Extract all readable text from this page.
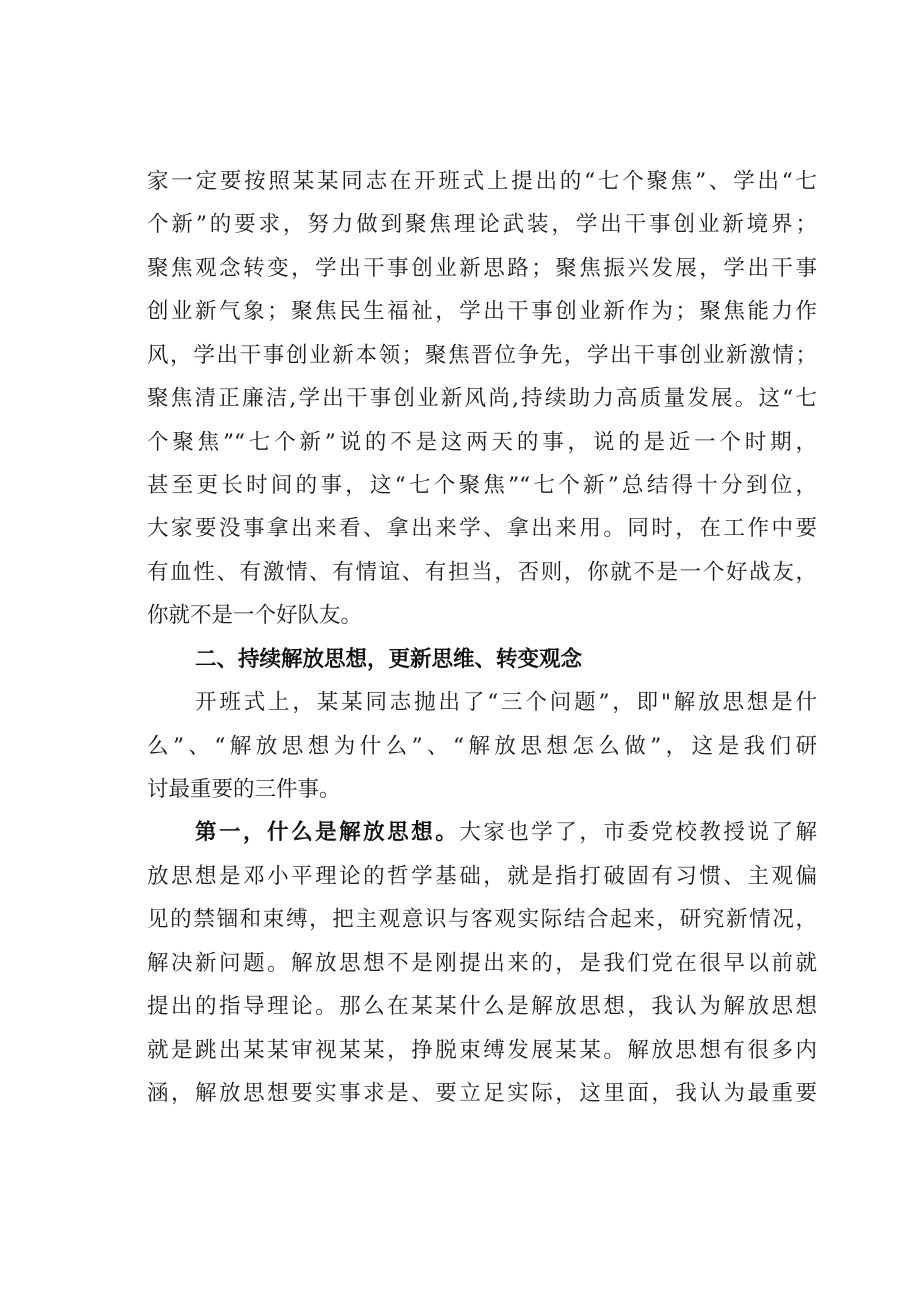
家一定要按照某某同志在开班式上提出的“七个聚焦”、学出“七
个新”的要求，努力做到聚焦理论武装，学出干事创业新境界；
聚焦观念转变，学出干事创业新思路；聚焦振兴发展，学出干事
创业新气象；聚焦民生福祉，学出干事创业新作为；聚焦能力作
风，学出干事创业新本领；聚焦晋位争先，学出干事创业新激情；
聚焦清正廉洁,学出干事创业新风尚,持续助力高质量发展。这“七
个聚焦”“七个新”说的不是这两天的事，说的是近一个时期，
甚至更长时间的事，这“七个聚焦”“七个新”总结得十分到位，
大家要没事拿出来看、拿出来学、拿出来用。同时，在工作中要
有血性、有激情、有情谊、有担当，否则，你就不是一个好战友，
你就不是一个好队友。
二、持续解放思想，更新思维、转变观念
开班式上，某某同志抛出了“三个问题”，即"解放思想是什
么”、“解放思想为什么”、“解放思想怎么做”，这是我们研
讨最重要的三件事。
第一，什么是解放思想。大家也学了，市委党校教授说了解
放思想是邓小平理论的哲学基础，就是指打破固有习惯、主观偏
见的禁锢和束缚，把主观意识与客观实际结合起来，研究新情况，
解决新问题。解放思想不是刚提出来的，是我们党在很早以前就
提出的指导理论。那么在某某什么是解放思想，我认为解放思想
就是跳出某某审视某某，挣脱束缚发展某某。解放思想有很多内
涵，解放思想要实事求是、要立足实际，这里面，我认为最重要
